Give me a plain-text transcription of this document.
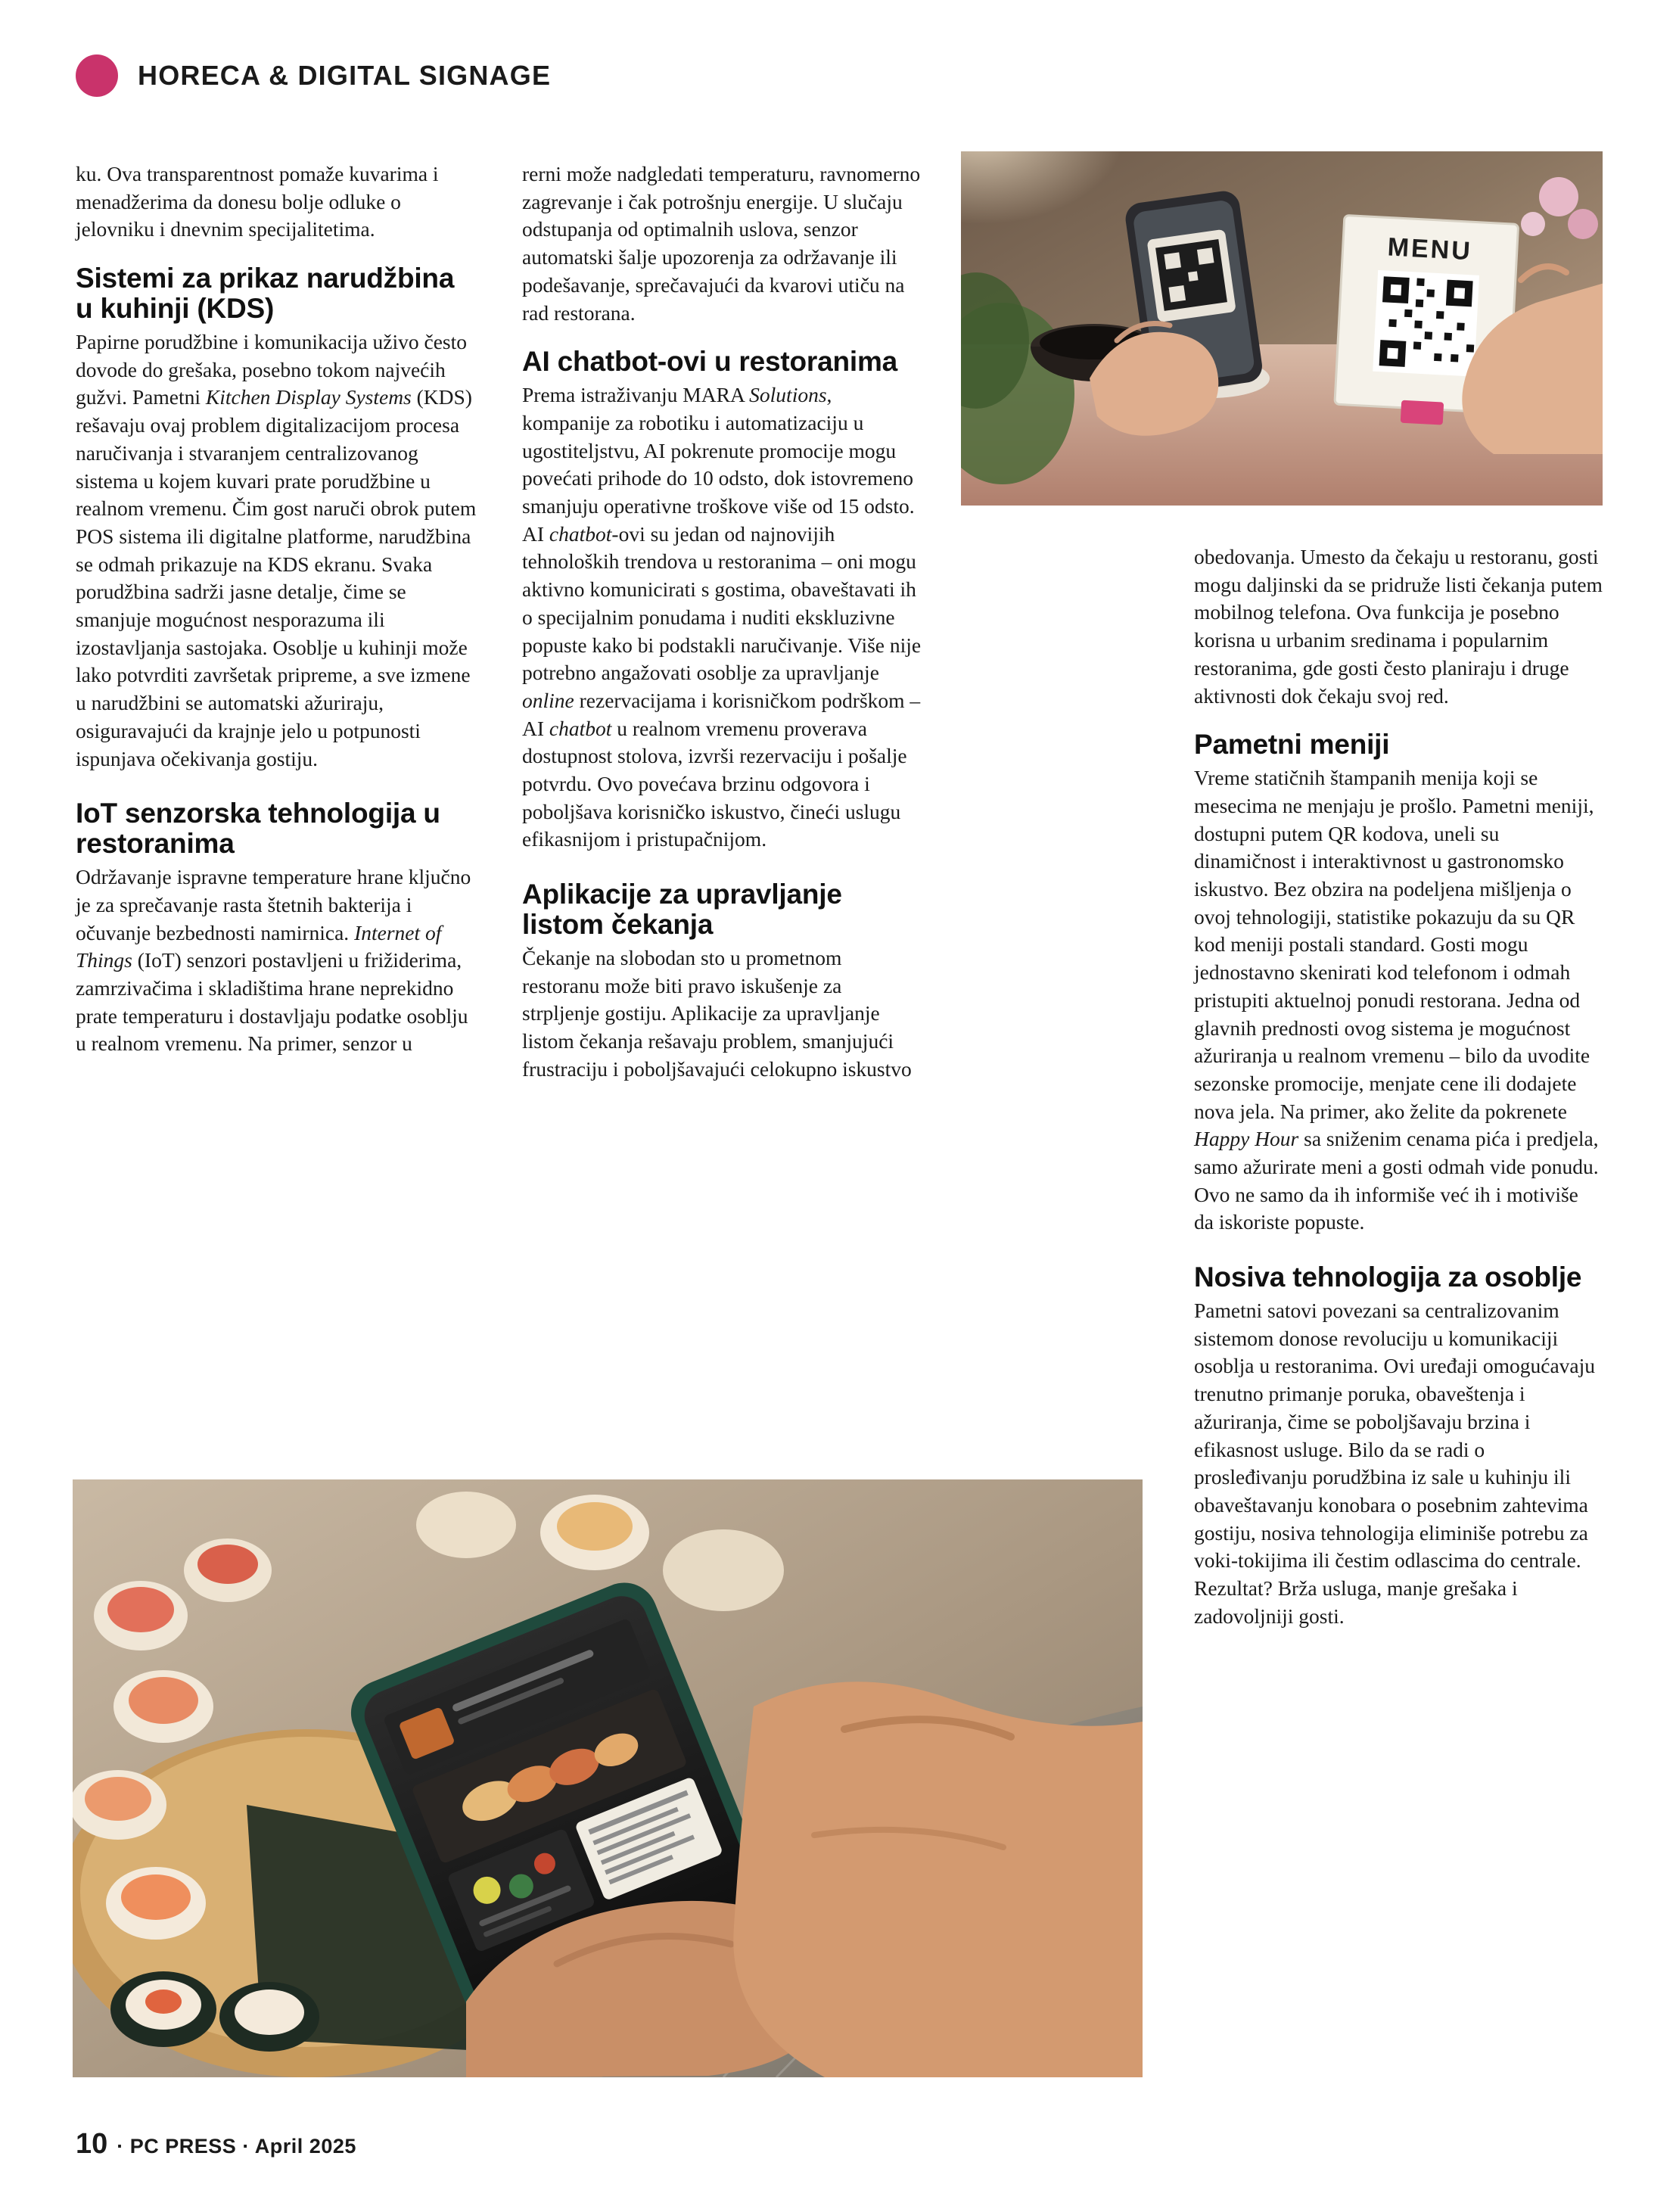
HORECA & DIGITAL SIGNAGE
MENU

ku. Ova transparentnost pomaže kuvarima i menadžerima da donesu bolje odluke o jelovniku i dnevnim specijalitetima.

Sistemi za prikaz narudžbina u kuhinji (KDS)

Papirne porudžbine i komunikacija uživo često dovode do grešaka, posebno tokom najvećih gužvi. Pametni Kitchen Display Systems (KDS) rešavaju ovaj problem digitalizacijom procesa naručivanja i stvaranjem centralizovanog sistema u kojem kuvari prate porudžbine u realnom vremenu. Čim gost naruči obrok putem POS sistema ili digitalne platforme, narudžbina se odmah prikazuje na KDS ekranu. Svaka porudžbina sadrži jasne detalje, čime se smanjuje mogućnost nesporazuma ili izostavljanja sastojaka. Osoblje u kuhinji može lako potvrditi završetak pripreme, a sve izmene u narudžbini se automatski ažuriraju, osiguravajući da krajnje jelo u potpunosti ispunjava očekivanja gostiju.

IoT senzorska tehnologija u restoranima

Održavanje ispravne temperature hrane ključno je za sprečavanje rasta štetnih bakterija i očuvanje bezbednosti namirnica. Internet of Things (IoT) senzori postavljeni u frižiderima, zamrzivačima i skladištima hrane neprekidno prate temperaturu i dostavljaju podatke osoblju u realnom vremenu. Na primer, senzor u

rerni može nadgledati temperaturu, ravnomerno zagrevanje i čak potrošnju energije. U slučaju odstupanja od optimalnih uslova, senzor automatski šalje upozorenja za održavanje ili podešavanje, sprečavajući da kvarovi utiču na rad restorana.

AI chatbot-ovi u restoranima

Prema istraživanju MARA Solutions, kompanije za robotiku i automatizaciju u ugostiteljstvu, AI pokrenute promocije mogu povećati prihode do 10 odsto, dok istovremeno smanjuju operativne troškove više od 15 odsto. AI chatbot-ovi su jedan od najnovijih tehnoloških trendova u restoranima – oni mogu aktivno komunicirati s gostima, obaveštavati ih o specijalnim ponudama i nuditi ekskluzivne popuste kako bi podstakli naručivanje. Više nije potrebno angažovati osoblje za upravljanje online rezervacijama i korisničkom podrškom – AI chatbot u realnom vremenu proverava dostupnost stolova, izvrši rezervaciju i pošalje potvrdu. Ovo povećava brzinu odgovora i poboljšava korisničko iskustvo, čineći uslugu efikasnijom i pristupačnijom.

Aplikacije za upravljanje listom čekanja

Čekanje na slobodan sto u prometnom restoranu može biti pravo iskušenje za strpljenje gostiju. Aplikacije za upravljanje listom čekanja rešavaju problem, smanjujući frustraciju i poboljšavajući celokupno iskustvo

obedovanja. Umesto da čekaju u restoranu, gosti mogu daljinski da se pridruže listi čekanja putem mobilnog telefona. Ova funkcija je posebno korisna u urbanim sredinama i popularnim restoranima, gde gosti često planiraju i druge aktivnosti dok čekaju svoj red.

Pametni meniji

Vreme statičnih štampanih menija koji se mesecima ne menjaju je prošlo. Pametni meniji, dostupni putem QR kodova, uneli su dinamičnost i interaktivnost u gastronomsko iskustvo. Bez obzira na podeljena mišljenja o ovoj tehnologiji, statistike pokazuju da su QR kod meniji postali standard. Gosti mogu jednostavno skenirati kod telefonom i odmah pristupiti aktuelnoj ponudi restorana. Jedna od glavnih prednosti ovog sistema je mogućnost ažuriranja u realnom vremenu – bilo da uvodite sezonske promocije, menjate cene ili dodajete nova jela. Na primer, ako želite da pokrenete Happy Hour sa sniženim cenama pića i predjela, samo ažurirate meni a gosti odmah vide ponudu. Ovo ne samo da ih informiše već ih i motiviše da iskoriste popuste.

Nosiva tehnologija za osoblje

Pametni satovi povezani sa centralizovanim sistemom donose revoluciju u komunikaciji osoblja u restoranima. Ovi uređaji omogućavaju trenutno primanje poruka, obaveštenja i ažuriranja, čime se poboljšavaju brzina i efikasnost usluge. Bilo da se radi o prosleđivanju porudžbina iz sale u kuhinju ili obaveštavanju konobara o posebnim zahtevima gostiju, nosiva tehnologija eliminiše potrebu za voki-tokijima ili čestim odlascima do centrale. Rezultat? Brža usluga, manje grešaka i zadovoljniji gosti.

10 · PC PRESS · April 2025
